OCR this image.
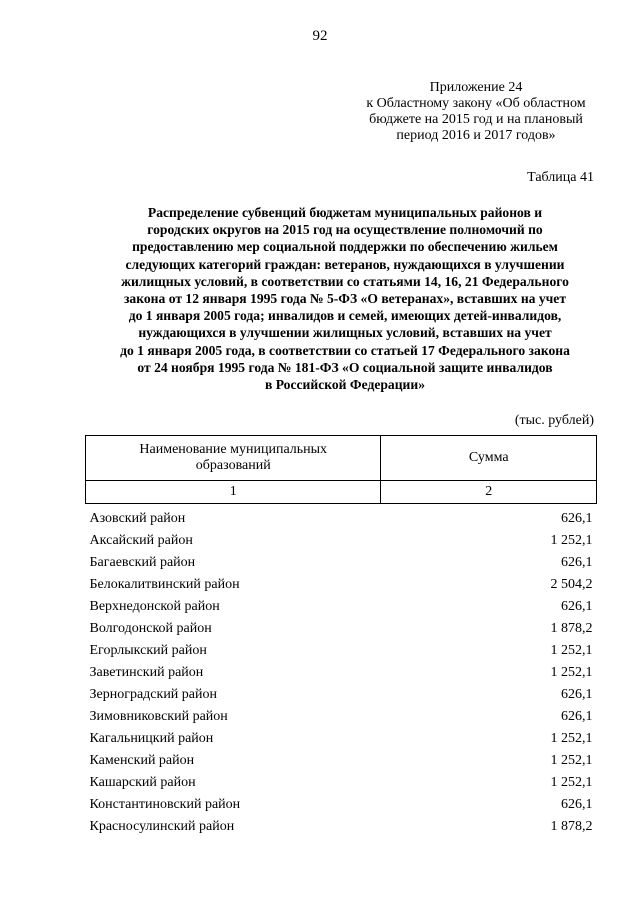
92
Приложение 24
к Областному закону «Об областном
бюджете на 2015 год и на плановый
период 2016 и 2017 годов»
Таблица 41
Распределение субвенций бюджетам муниципальных районов и
городских округов на 2015 год на осуществление полномочий по
предоставлению мер социальной поддержки по обеспечению жильем
следующих категорий граждан: ветеранов, нуждающихся в улучшении
жилищных условий, в соответствии со статьями 14, 16, 21 Федерального
закона от 12 января 1995 года № 5-ФЗ «О ветеранах», вставших на учет
до 1 января 2005 года; инвалидов и семей, имеющих детей-инвалидов,
нуждающихся в улучшении жилищных условий, вставших на учет
до 1 января 2005 года, в соответствии со статьей 17 Федерального закона
от 24 ноября 1995 года № 181-ФЗ «О социальной защите инвалидов
в Российской Федерации»
(тыс. рублей)
Наименование муниципальных
образований	Сумма
1	2
Азовский район	626,1
Аксайский район	1 252,1
Багаевский район	626,1
Белокалитвинский район	2 504,2
Верхнедонской район	626,1
Волгодонской район	1 878,2
Егорлыкский район	1 252,1
Заветинский район	1 252,1
Зерноградский район	626,1
Зимовниковский район	626,1
Кагальницкий район	1 252,1
Каменский район	1 252,1
Кашарский район	1 252,1
Константиновский район	626,1
Красносулинский район	1 878,2
